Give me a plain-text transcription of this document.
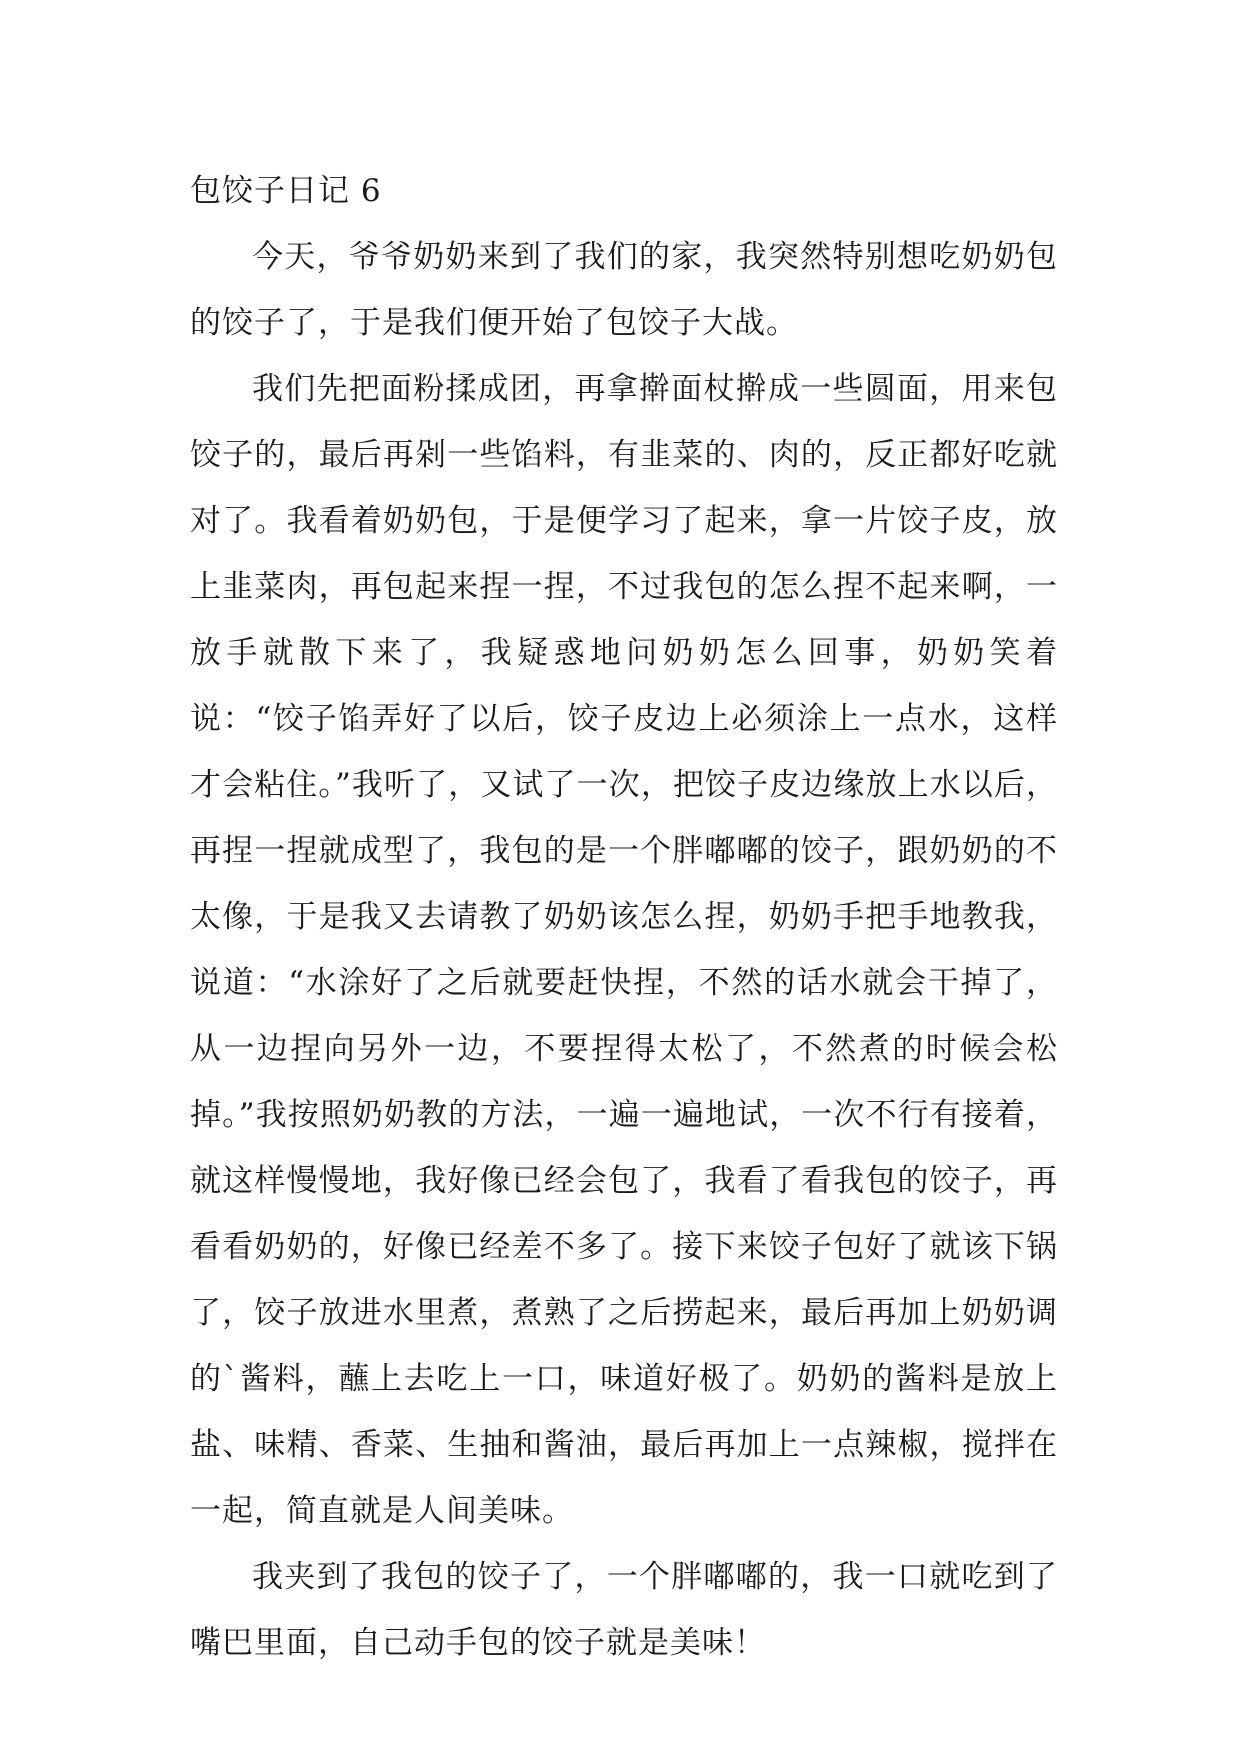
包饺子日记 6

今天，爷爷奶奶来到了我们的家，我突然特别想吃奶奶包的饺子了，于是我们便开始了包饺子大战。

我们先把面粉揉成团，再拿擀面杖擀成一些圆面，用来包饺子的，最后再剁一些馅料，有韭菜的、肉的，反正都好吃就对了。我看着奶奶包，于是便学习了起来，拿一片饺子皮，放上韭菜肉，再包起来捏一捏，不过我包的怎么捏不起来啊，一放手就散下来了，我疑惑地问奶奶怎么回事，奶奶笑着说：“饺子馅弄好了以后，饺子皮边上必须涂上一点水，这样才会粘住。”我听了，又试了一次，把饺子皮边缘放上水以后，再捏一捏就成型了，我包的是一个胖嘟嘟的饺子，跟奶奶的不太像，于是我又去请教了奶奶该怎么捏，奶奶手把手地教我，说道：“水涂好了之后就要赶快捏，不然的话水就会干掉了，从一边捏向另外一边，不要捏得太松了，不然煮的时候会松掉。”我按照奶奶教的方法，一遍一遍地试，一次不行有接着，就这样慢慢地，我好像已经会包了，我看了看我包的饺子，再看看奶奶的，好像已经差不多了。接下来饺子包好了就该下锅了，饺子放进水里煮，煮熟了之后捞起来，最后再加上奶奶调的`酱料，蘸上去吃上一口，味道好极了。奶奶的酱料是放上盐、味精、香菜、生抽和酱油，最后再加上一点辣椒，搅拌在一起，简直就是人间美味。

我夹到了我包的饺子了，一个胖嘟嘟的，我一口就吃到了嘴巴里面，自己动手包的饺子就是美味！
